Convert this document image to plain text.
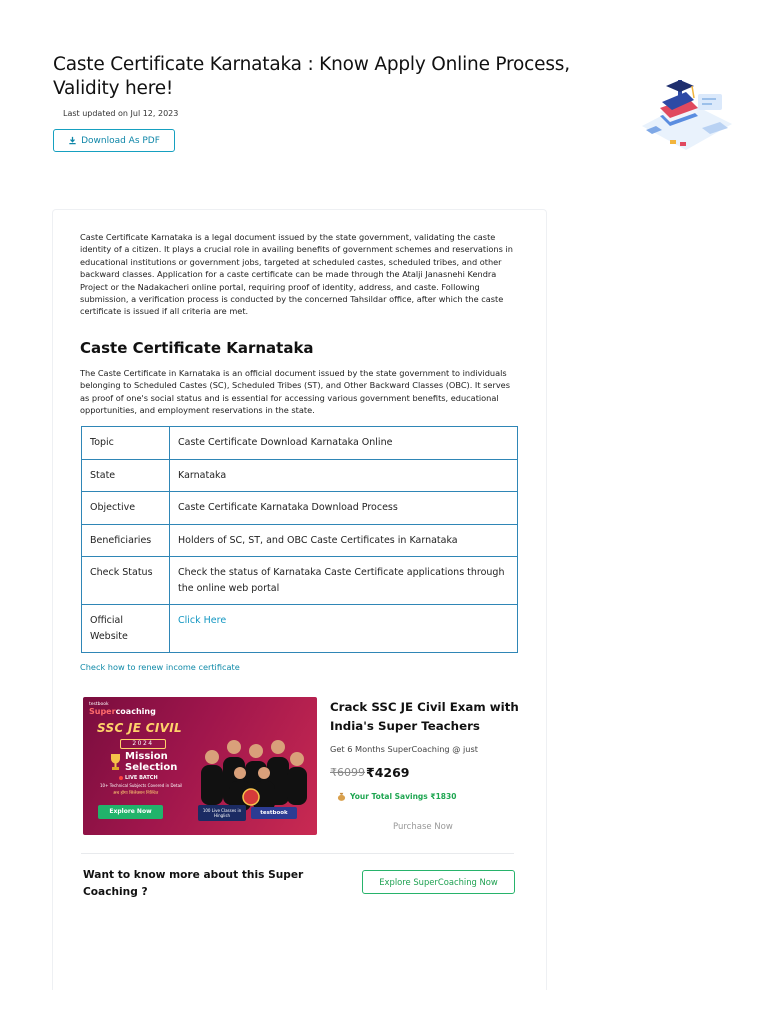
Caste Certificate Karnataka : Know Apply Online Process, Validity here!
Last updated on Jul 12, 2023
Download As PDF

Caste Certificate Karnataka is a legal document issued by the state government, validating the caste identity of a citizen. It plays a crucial role in availing benefits of government schemes and reservations in educational institutions or government jobs, targeted at scheduled castes, scheduled tribes, and other backward classes. Application for a caste certificate can be made through the Atalji Janasnehi Kendra Project or the Nadakacheri online portal, requiring proof of identity, address, and caste. Following submission, a verification process is conducted by the concerned Tahsildar office, after which the caste certificate is issued if all criteria are met.

Caste Certificate Karnataka

The Caste Certificate in Karnataka is an official document issued by the state government to individuals belonging to Scheduled Castes (SC), Scheduled Tribes (ST), and Other Backward Classes (OBC). It serves as proof of one's social status and is essential for accessing various government benefits, educational opportunities, and employment reservations in the state.

Topic	Caste Certificate Download Karnataka Online
State	Karnataka
Objective	Caste Certificate Karnataka Download Process
Beneficiaries	Holders of SC, ST, and OBC Caste Certificates in Karnataka
Check Status	Check the status of Karnataka Caste Certificate applications through the online web portal
Official Website	Click Here
Check how to renew income certificate
testbook
Supercoaching
SSC JE CIVIL
2024
Mission
Selection
LIVE BATCH
10+ Technical Subjects Covered in Detail
अब होगा सिलेक्शन निश्चित
Explore Now	100 Live Classes in Hinglish	testbook
Crack SSC JE Civil Exam with India's Super Teachers
Get 6 Months SuperCoaching @ just
₹6099 ₹4269
Your Total Savings ₹1830
Purchase Now
Want to know more about this Super Coaching ?
Explore SuperCoaching Now
